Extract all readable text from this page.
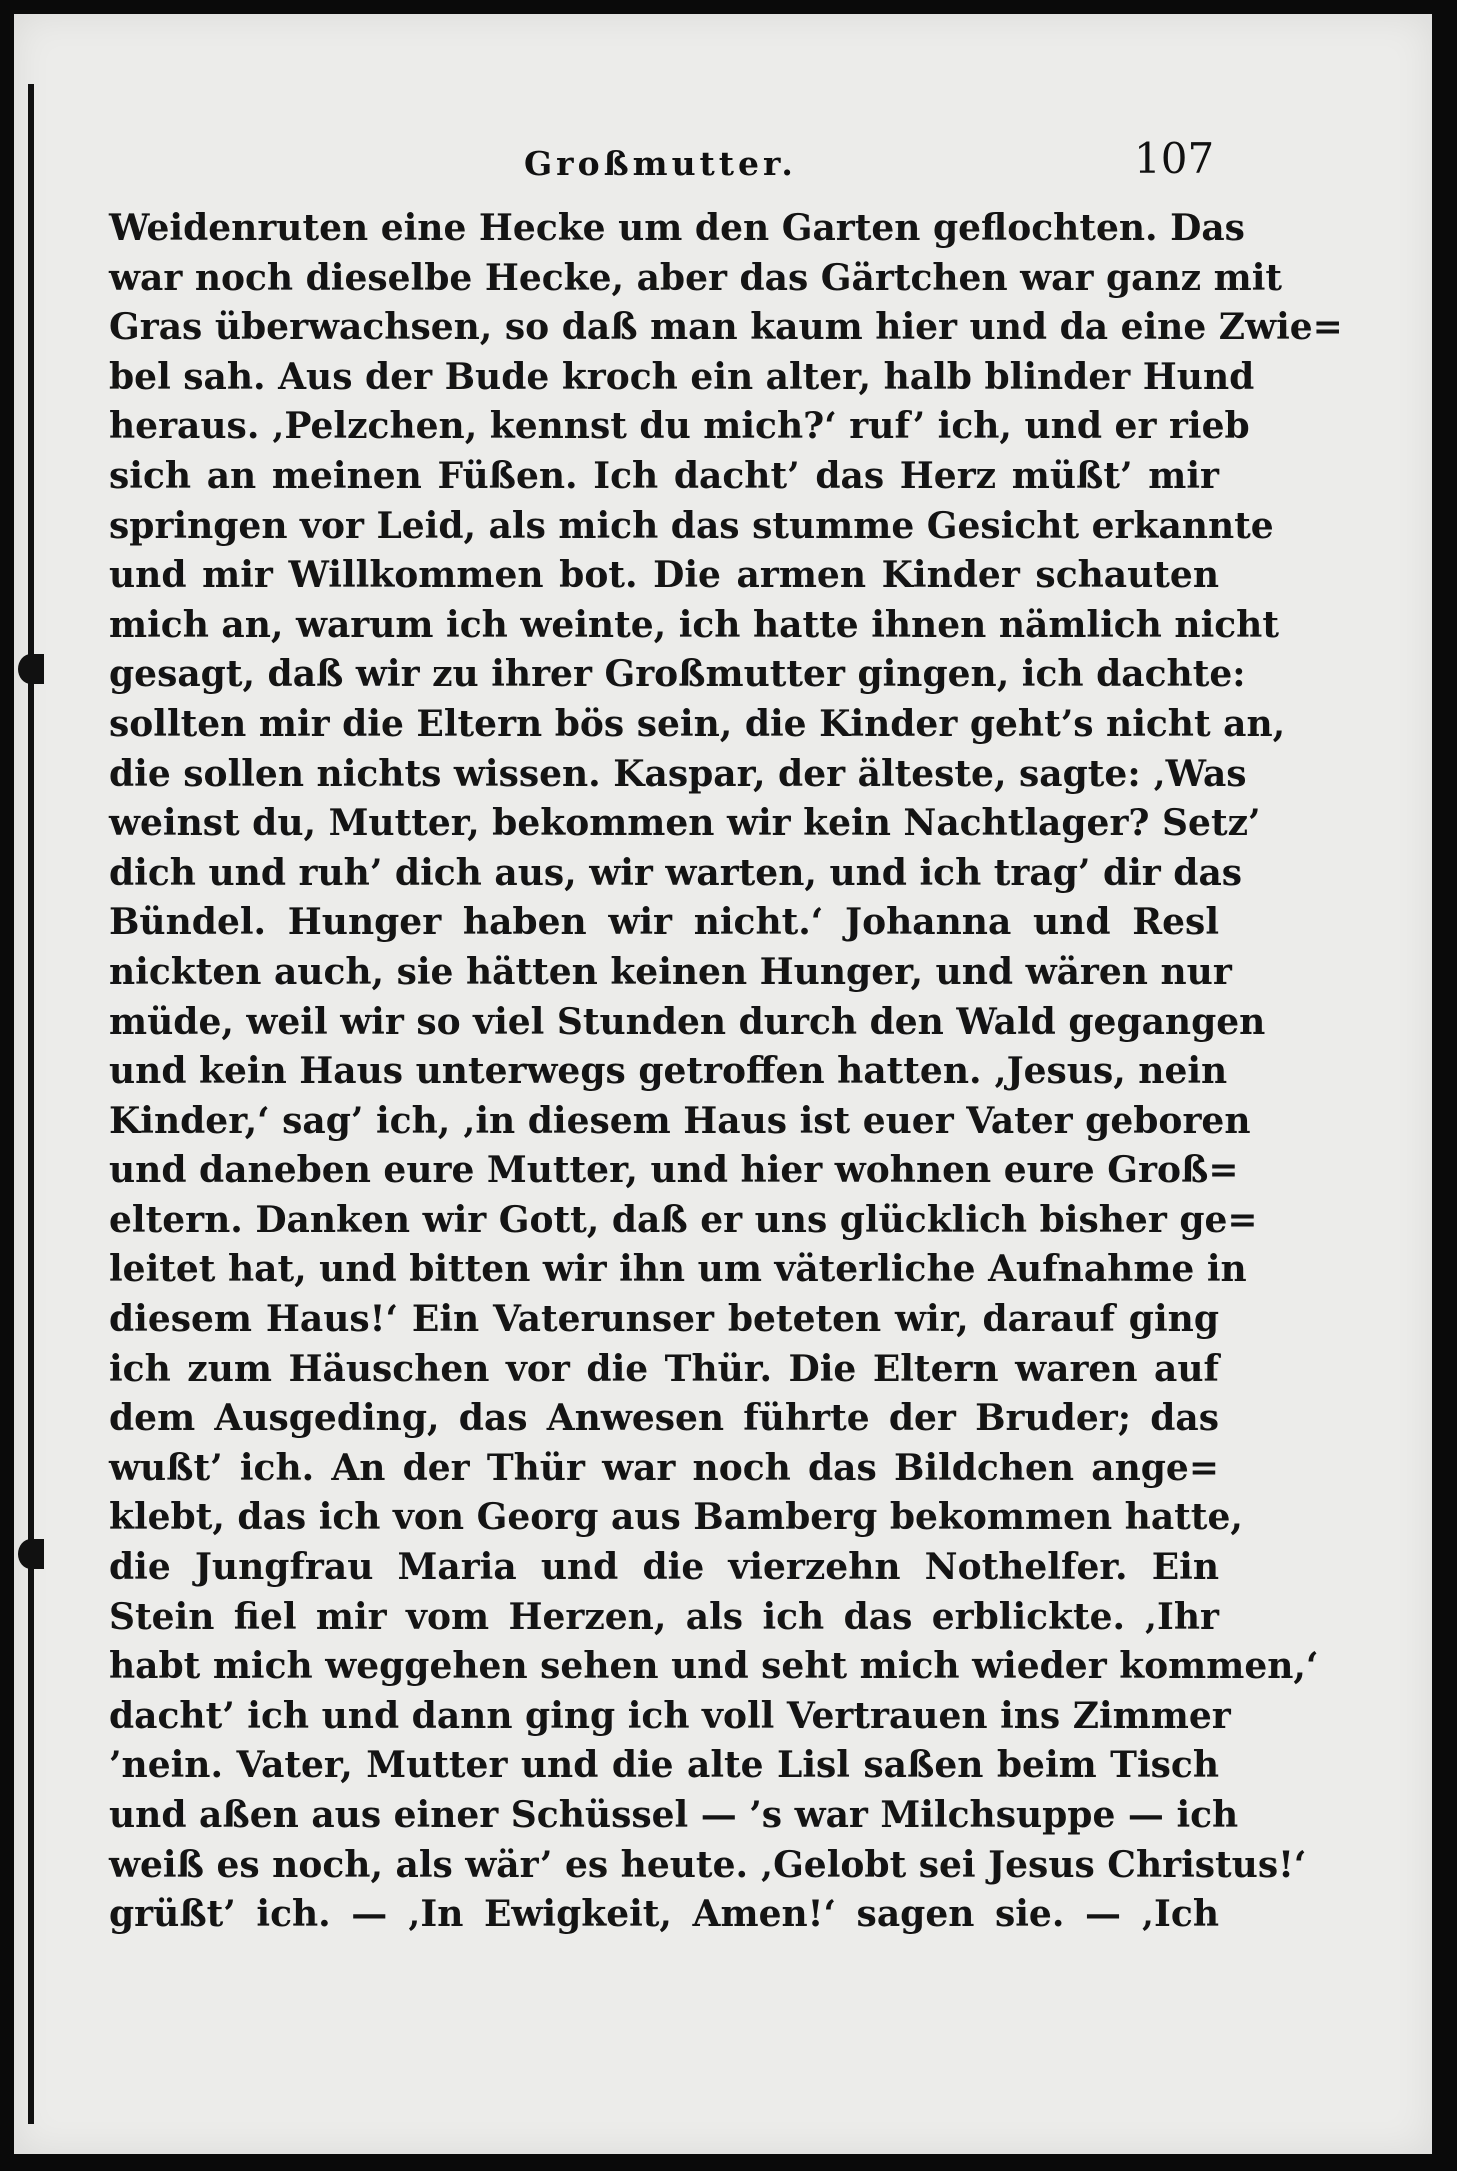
Großmutter.	107
Weidenruten eine Hecke um den Garten geflochten. Das
war noch dieselbe Hecke, aber das Gärtchen war ganz mit
Gras überwachsen, so daß man kaum hier und da eine Zwie=
bel sah. Aus der Bude kroch ein alter, halb blinder Hund
heraus. ‚Pelzchen, kennst du mich?‘ ruf’ ich, und er rieb
sich an meinen Füßen. Ich dacht’ das Herz müßt’ mir
springen vor Leid, als mich das stumme Gesicht erkannte
und mir Willkommen bot. Die armen Kinder schauten
mich an, warum ich weinte, ich hatte ihnen nämlich nicht
gesagt, daß wir zu ihrer Großmutter gingen, ich dachte:
sollten mir die Eltern bös sein, die Kinder geht’s nicht an,
die sollen nichts wissen. Kaspar, der älteste, sagte: ‚Was
weinst du, Mutter, bekommen wir kein Nachtlager? Setz’
dich und ruh’ dich aus, wir warten, und ich trag’ dir das
Bündel. Hunger haben wir nicht.‘ Johanna und Resl
nickten auch, sie hätten keinen Hunger, und wären nur
müde, weil wir so viel Stunden durch den Wald gegangen
und kein Haus unterwegs getroffen hatten. ‚Jesus, nein
Kinder,‘ sag’ ich, ‚in diesem Haus ist euer Vater geboren
und daneben eure Mutter, und hier wohnen eure Groß=
eltern. Danken wir Gott, daß er uns glücklich bisher ge=
leitet hat, und bitten wir ihn um väterliche Aufnahme in
diesem Haus!‘ Ein Vaterunser beteten wir, darauf ging
ich zum Häuschen vor die Thür. Die Eltern waren auf
dem Ausgeding, das Anwesen führte der Bruder; das
wußt’ ich. An der Thür war noch das Bildchen ange=
klebt, das ich von Georg aus Bamberg bekommen hatte,
die Jungfrau Maria und die vierzehn Nothelfer. Ein
Stein fiel mir vom Herzen, als ich das erblickte. ‚Ihr
habt mich weggehen sehen und seht mich wieder kommen,‘
dacht’ ich und dann ging ich voll Vertrauen ins Zimmer
’nein. Vater, Mutter und die alte Lisl saßen beim Tisch
und aßen aus einer Schüssel — ’s war Milchsuppe — ich
weiß es noch, als wär’ es heute. ‚Gelobt sei Jesus Christus!‘
grüßt’ ich. — ‚In Ewigkeit, Amen!‘ sagen sie. — ‚Ich
